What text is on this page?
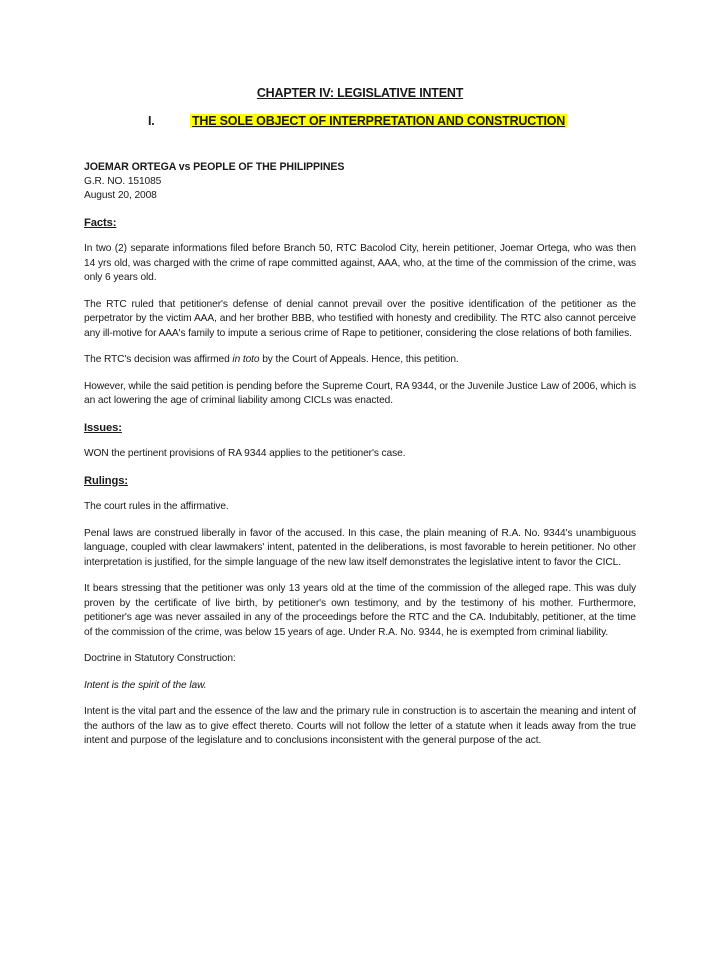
CHAPTER IV: LEGISLATIVE INTENT
I.	THE SOLE OBJECT OF INTERPRETATION AND CONSTRUCTION

JOEMAR ORTEGA vs PEOPLE OF THE PHILIPPINES

G.R. NO. 151085

August 20, 2008

Facts:

In two (2) separate informations filed before Branch 50, RTC Bacolod City, herein petitioner, Joemar Ortega, who was then 14 yrs old, was charged with the crime of rape committed against, AAA, who, at the time of the commission of the crime, was only 6 years old.

The RTC ruled that petitioner's defense of denial cannot prevail over the positive identification of the petitioner as the perpetrator by the victim AAA, and her brother BBB, who testified with honesty and credibility. The RTC also cannot perceive any ill-motive for AAA's family to impute a serious crime of Rape to petitioner, considering the close relations of both families.

The RTC's decision was affirmed in toto by the Court of Appeals. Hence, this petition.

However, while the said petition is pending before the Supreme Court, RA 9344, or the Juvenile Justice Law of 2006, which is an act lowering the age of criminal liability among CICLs was enacted.

Issues:

WON the pertinent provisions of RA 9344 applies to the petitioner's case.

Rulings:

The court rules in the affirmative.

Penal laws are construed liberally in favor of the accused. In this case, the plain meaning of R.A. No. 9344's unambiguous language, coupled with clear lawmakers' intent, patented in the deliberations, is most favorable to herein petitioner. No other interpretation is justified, for the simple language of the new law itself demonstrates the legislative intent to favor the CICL.

It bears stressing that the petitioner was only 13 years old at the time of the commission of the alleged rape. This was duly proven by the certificate of live birth, by petitioner's own testimony, and by the testimony of his mother. Furthermore, petitioner's age was never assailed in any of the proceedings before the RTC and the CA. Indubitably, petitioner, at the time of the commission of the crime, was below 15 years of age. Under R.A. No. 9344, he is exempted from criminal liability.

Doctrine in Statutory Construction:

Intent is the spirit of the law.

Intent is the vital part and the essence of the law and the primary rule in construction is to ascertain the meaning and intent of the authors of the law as to give effect thereto. Courts will not follow the letter of a statute when it leads away from the true intent and purpose of the legislature and to conclusions inconsistent with the general purpose of the act.
